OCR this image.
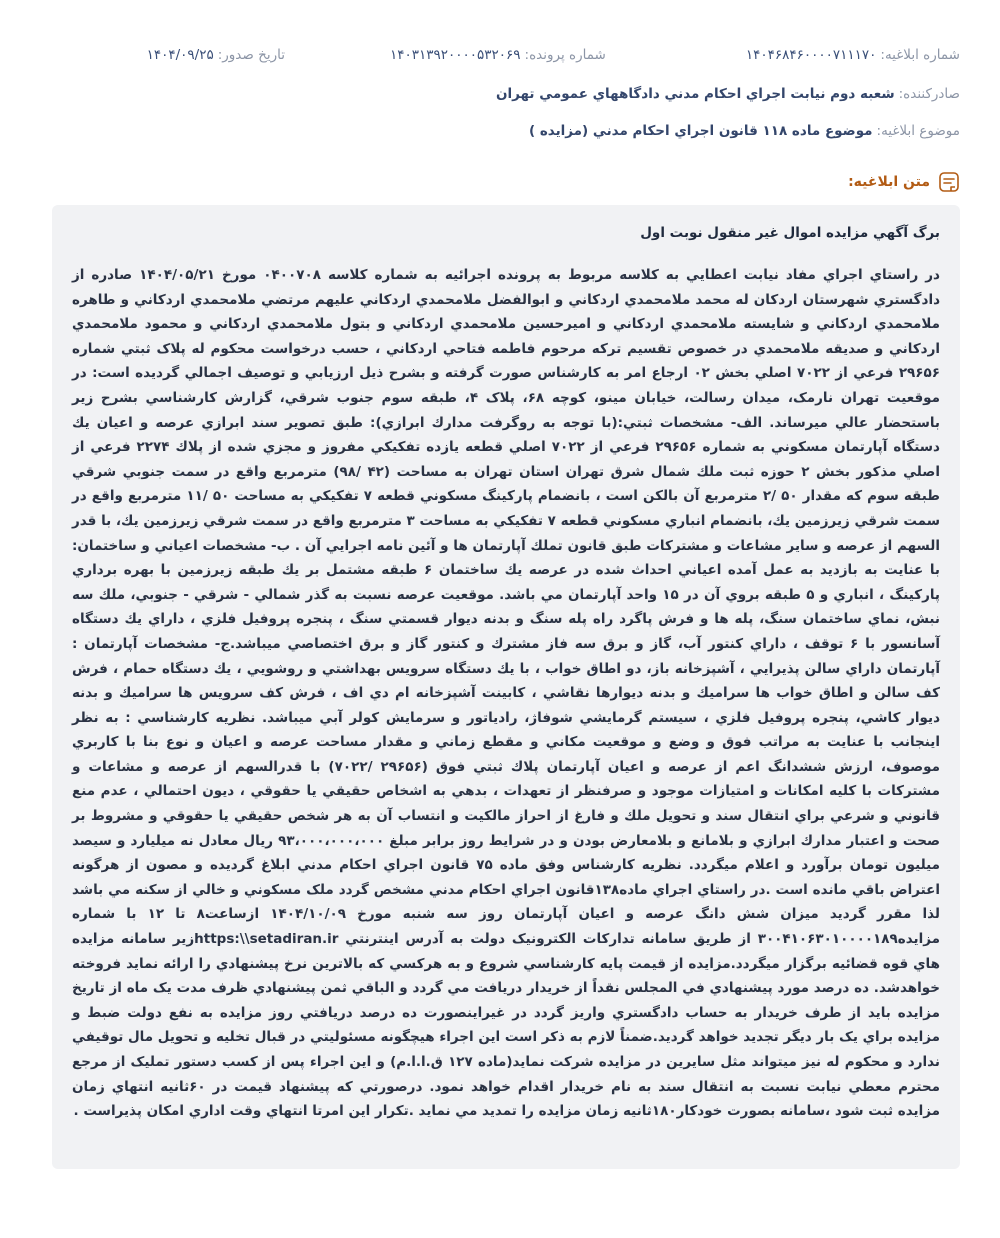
شماره ابلاغيه:
۱۴۰۴۶۸۴۶۰۰۰۰۷۱۱۱۷۰
شماره پرونده:
۱۴۰۳۱۳۹۲۰۰۰۰۵۳۲۰۶۹
تاريخ صدور:
۱۴۰۴/۰۹/۲۵
صادرکننده:
شعبه دوم نيابت اجراي احکام مدني دادگاههاي عمومي تهران
موضوع ابلاغيه:
موضوع ماده ۱۱۸ قانون اجراي احکام مدني (مزايده )
متن ابلاغيه:
برگ آگهي مزايده اموال غير منقول نوبت اول
در راستاي اجراي مفاد نيابت اعطايي به کلاسه مربوط به پرونده اجرائيه به شماره کلاسه ۰۴۰۰۷۰۸ مورخ ۱۴۰۴/۰۵/۲۱ صادره از دادگستري شهرستان اردکان له محمد ملامحمدي اردکاني و ابوالفضل ملامحمدي اردکاني عليهم مرتضي ملامحمدي اردکاني و طاهره ملامحمدي اردکاني و شايسته ملامحمدي اردکاني و اميرحسين ملامحمدي اردکاني و بتول ملامحمدي اردکاني و محمود ملامحمدي اردکاني و صديقه ملامحمدي در خصوص تقسيم ترکه مرحوم فاطمه فتاحي اردکاني ، حسب درخواست محکوم له پلاک ثبتي شماره ۲۹۶۵۶ فرعي از ۷۰۲۲ اصلي بخش ۰۲ ارجاع امر به کارشناس صورت گرفته و بشرح ذيل ارزيابي و توصيف اجمالي گرديده است: در موقعيت تهران نارمک، ميدان رسالت، خيابان مينو، کوچه ۶۸، پلاک ۴، طبقه سوم جنوب شرقي، گزارش کارشناسي بشرح زير باستحضار عالي ميرساند. الف- مشخصات ثبتي:(با توجه به روگرفت مدارك ابرازي): طبق تصوير سند ابرازي عرصه و اعيان يك دستگاه آپارتمان مسكوني به شماره ۲۹۶۵۶ فرعي از ۷۰۲۲ اصلي قطعه يازده تفكيكي مفروز و مجزي شده از پلاك ۲۲۷۴ فرعي از اصلي مذكور بخش ۲ حوزه ثبت ملك شمال شرق تهران استان تهران به مساحت (۴۲ /۹۸) مترمربع واقع در سمت جنوبي شرقي طبقه سوم كه مقدار ۵۰ /۲ مترمربع آن بالكن است ، بانضمام پاركينگ مسكوني قطعه ۷ تفكيكي به مساحت ۵۰ /۱۱ مترمربع واقع در سمت شرقي زيرزمين يك، بانضمام انباري مسكوني قطعه ۷ تفكيكي به مساحت ۳ مترمربع واقع در سمت شرقي زيرزمين يك، با قدر السهم از عرصه و ساير مشاعات و مشتركات طبق قانون تملك آپارتمان ها و آئين نامه اجرايي آن . ب- مشخصات اعياني و ساختمان: با عنايت به بازديد به عمل آمده اعياني احداث شده در عرصه يك ساختمان ۶ طبقه مشتمل بر يك طبقه زيرزمين با بهره برداري پاركينگ ، انباري و ۵ طبقه بروي آن در ۱۵ واحد آپارتمان مي باشد. موقعيت عرصه نسبت به گذر شمالي - شرقي - جنوبي، ملك سه نبش، نماي ساختمان سنگ، پله ها و فرش پاگرد راه پله سنگ و بدنه ديوار قسمتي سنگ ، پنجره پروفيل فلزي ، داراي يك دستگاه آسانسور با ۶ توقف ، داراي كنتور آب، گاز و برق سه فاز مشترك و كنتور گاز و برق اختصاصي ميباشد.ج- مشخصات آپارتمان : آپارتمان داراي سالن پذيرايي ، آشپزخانه باز، دو اطاق خواب ، با يك دستگاه سرويس بهداشتي و روشويي ، يك دستگاه حمام ، فرش كف سالن و اطاق خواب ها سراميك و بدنه ديوارها نقاشي ، كابينت آشپزخانه ام دي اف ، فرش كف سرويس ها سراميك و بدنه ديوار كاشي، پنجره پروفيل فلزي ، سيستم گرمايشي شوفاژ، رادياتور و سرمايش كولر آبي ميباشد. نظريه كارشناسي : به نظر اينجانب با عنايت به مراتب فوق و وضع و موقعيت مكاني و مقطع زماني و مقدار مساحت عرصه و اعيان و نوع بنا با كاربري موصوف، ارزش ششدانگ اعم از عرصه و اعيان آپارتمان پلاك ثبتي فوق (۲۹۶۵۶ /۷۰۲۲) با قدرالسهم از عرصه و مشاعات و مشتركات با كليه امكانات و امتيازات موجود و صرفنظر از تعهدات ، بدهي به اشخاص حقيقي يا حقوقي ، ديون احتمالي ، عدم منع قانوني و شرعي براي انتقال سند و تحويل ملك و فارغ از احراز مالكيت و انتساب آن به هر شخص حقيقي يا حقوقي و مشروط بر صحت و اعتبار مدارك ابرازي و بلامانع و بلامعارض بودن و در شرايط روز برابر مبلغ ۹۳،۰۰۰،۰۰۰،۰۰۰ ريال معادل نه ميليارد و سيصد ميليون تومان برآورد و اعلام ميگردد. نظريه کارشناس وفق ماده ۷۵ قانون اجراي احکام مدني ابلاغ گرديده و مصون از هرگونه اعتراض باقي مانده است .در راستاي اجراي ماده۱۳۸قانون اجراي احکام مدني مشخص گردد ملک مسکوني و خالي از سکنه مي باشد لذا مقرر گرديد ميزان شش دانگ عرصه و اعيان آپارتمان روز سه شنبه مورخ ۱۴۰۴/۱۰/۰۹ ازساعت۸ تا ۱۲ با شماره مزايده۳۰۰۴۱۰۶۳۰۱۰۰۰۰۱۸۹ از طريق سامانه تدارکات الکترونيک دولت به آدرس اينترنتي https:\\setadiran.irزير سامانه مزايده هاي قوه قضائيه برگزار ميگردد.مزايده از قيمت پايه کارشناسي شروع و به هرکسي که بالاترين نرخ پيشنهادي را ارائه نمايد فروخته خواهدشد. ده درصد مورد پيشنهادي في المجلس نقداً از خريدار دريافت مي گردد و الباقي ثمن پيشنهادي ظرف مدت يک ماه از تاريخ مزايده بايد از طرف خريدار به حساب دادگستري واريز گردد در غيراينصورت ده درصد دريافتي روز مزايده به نفع دولت ضبط و مزايده براي يک بار ديگر تجديد خواهد گرديد.ضمناً لازم به ذکر است اين اجراء هيچگونه مسئوليتي در قبال تخليه و تحويل مال توقيفي ندارد و محکوم له نيز ميتواند مثل سايرين در مزايده شرکت نمايد(ماده ۱۲۷ ق.ا.ا.م) و اين اجراء پس از کسب دستور تمليک از مرجع محترم معطي نيابت نسبت به انتقال سند به نام خريدار اقدام خواهد نمود. درصورتي که پيشنهاد قيمت در ۶۰ثانيه انتهاي زمان مزايده ثبت شود ،سامانه بصورت خودکار۱۸۰ثانيه زمان مزايده را تمديد مي نمايد .تکرار اين امرتا انتهاي وقت اداري امکان پذيراست .
